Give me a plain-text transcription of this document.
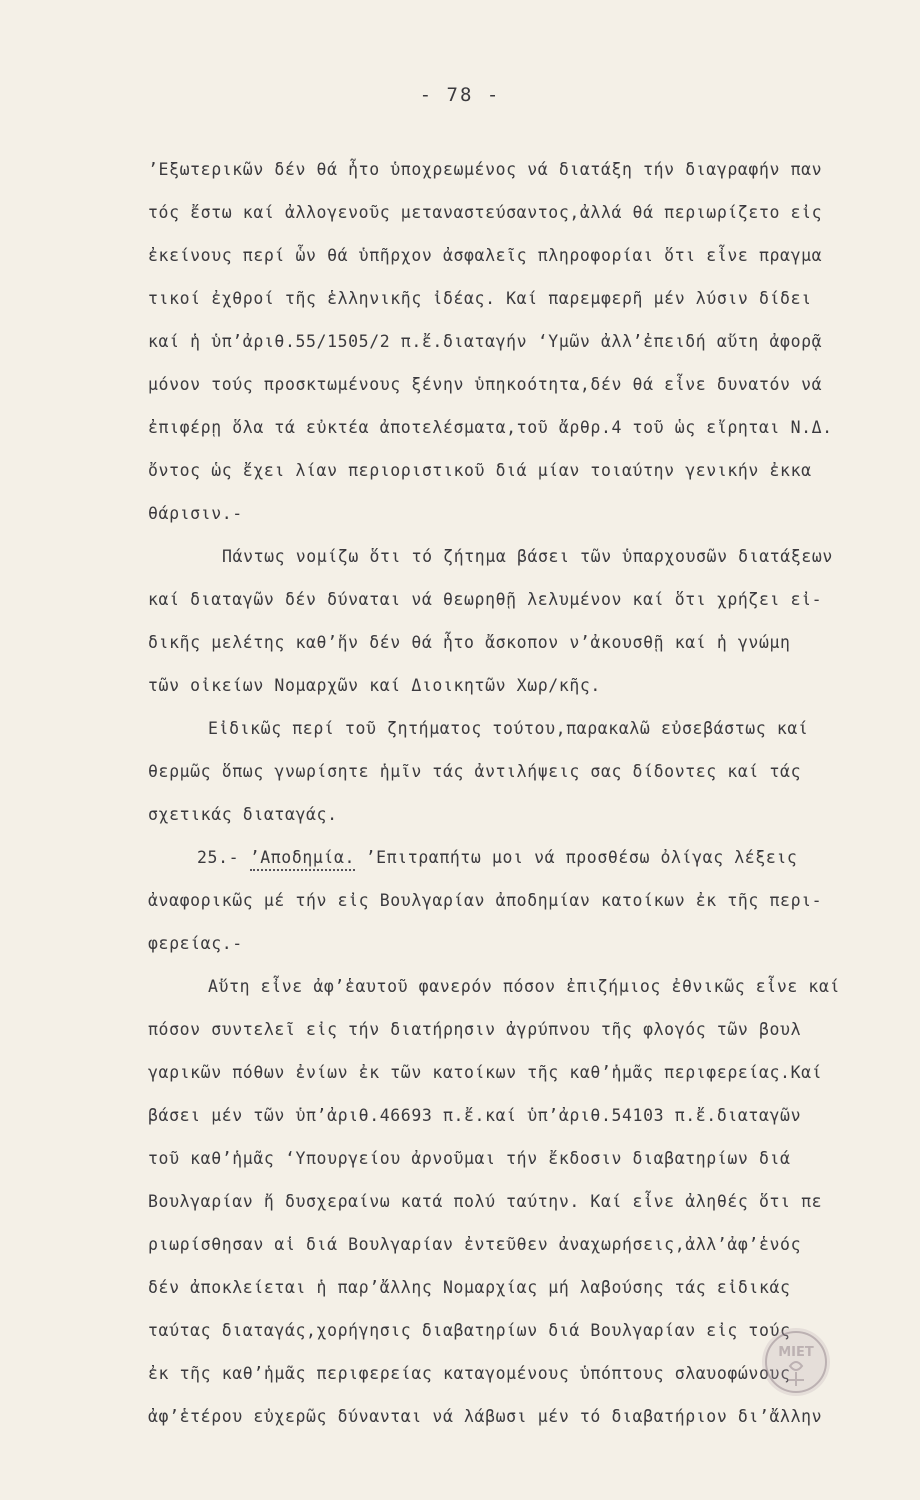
- 78 -
’Εξωτερικῶν δέν θά ἦτο ὑποχρεωμένος νά διατάξη τήν διαγραφήν παν
τός ἔστω καί ἀλλογενοῦς μεταναστεύσαντος,ἀλλά θά περιωρίζετο εἰς
ἐκείνους περί ὧν θά ὑπῆρχον ἀσφαλεῖς πληροφορίαι ὅτι εἶνε πραγμα
τικοί ἐχθροί τῆς ἑλληνικῆς ἰδέας. Καί παρεμφερῆ μέν λύσιν δίδει
καί ἡ ὑπ’ἀριθ.55/1505/2 π.ἔ.διαταγήν ‘Υμῶν ἀλλ’ἐπειδή αὕτη ἀφορᾷ
μόνον τούς προσκτωμένους ξένην ὑπηκοότητα,δέν θά εἶνε δυνατόν νά
ἐπιφέρῃ ὅλα τά εὐκτέα ἀποτελέσματα,τοῦ ἄρθρ.4 τοῦ ὡς εἴρηται Ν.Δ.
ὄντος ὡς ἔχει λίαν περιοριστικοῦ διά μίαν τοιαύτην γενικήν ἐκκα
θάρισιν.-
Πάντως νομίζω ὅτι τό ζήτημα βάσει τῶν ὑπαρχουσῶν διατάξεων
καί διαταγῶν δέν δύναται νά θεωρηθῇ λελυμένον καί ὅτι χρήζει εἰ-
δικῆς μελέτης καθ’ἥν δέν θά ἦτο ἄσκοπον ν’ἀκουσθῇ καί ἡ γνώμη
τῶν οἰκείων Νομαρχῶν καί Διοικητῶν Χωρ/κῆς.
Εἰδικῶς περί τοῦ ζητήματος τούτου,παρακαλῶ εὐσεβάστως καί
θερμῶς ὅπως γνωρίσητε ἡμῖν τάς ἀντιλήψεις σας δίδοντες καί τάς
σχετικάς διαταγάς.
25.- ’Αποδημία. ’Επιτραπήτω μοι νά προσθέσω ὀλίγας λέξεις
ἀναφορικῶς μέ τήν εἰς Βουλγαρίαν ἀποδημίαν κατοίκων ἐκ τῆς περι-
φερείας.-
Αὕτη εἶνε ἀφ’ἑαυτοῦ φανερόν πόσον ἐπιζήμιος ἐθνικῶς εἶνε καί
πόσον συντελεῖ εἰς τήν διατήρησιν ἀγρύπνου τῆς φλογός τῶν βουλ
γαρικῶν πόθων ἐνίων ἐκ τῶν κατοίκων τῆς καθ’ἡμᾶς περιφερείας.Καί
βάσει μέν τῶν ὑπ’ἀριθ.46693 π.ἔ.καί ὑπ’ἀριθ.54103 π.ἔ.διαταγῶν
τοῦ καθ’ἡμᾶς ‘Υπουργείου ἀρνοῦμαι τήν ἔκδοσιν διαβατηρίων διά
Βουλγαρίαν ἤ δυσχεραίνω κατά πολύ ταύτην. Καί εἶνε ἀληθές ὅτι πε
ριωρίσθησαν αἱ διά Βουλγαρίαν ἐντεῦθεν ἀναχωρήσεις,ἀλλ’ἀφ’ἑνός
δέν ἀποκλείεται ἡ παρ’ἄλλης Νομαρχίας μή λαβούσης τάς εἰδικάς
ταύτας διαταγάς,χορήγησις διαβατηρίων διά Βουλγαρίαν εἰς τούς
ἐκ τῆς καθ’ἡμᾶς περιφερείας καταγομένους ὑπόπτους σλαυοφώνους
ἀφ’ἑτέρου εὐχερῶς δύνανται νά λάβωσι μέν τό διαβατήριον δι’ἄλλην
ΜΙΕΤ
